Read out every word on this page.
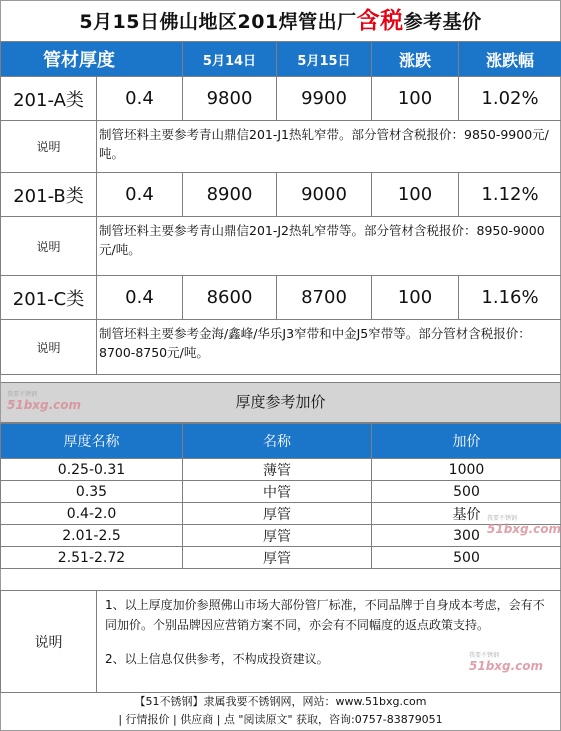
5月15日佛山地区201焊管出厂含税参考基价
管材厚度		5月14日	5月15日	涨跌	涨跌幅
201-A类	0.4	9800	9900	100	1.02%
说明	制管坯料主要参考青山鼎信201-J1热轧窄带。部分管材含税报价：9850-9900元/吨。				
201-B类	0.4	8900	9000	100	1.12%
说明	制管坯料主要参考青山鼎信201-J2热轧窄带等。部分管材含税报价：8950-9000元/吨。				
201-C类	0.4	8600	8700	100	1.16%
说明	制管坯料主要参考金海/鑫峰/华乐J3窄带和中金J5窄带等。部分管材含税报价：8700-8750元/吨。				
厚度参考加价
厚度名称	名称	加价
0.25-0.31	薄管	1000
0.35	中管	500
0.4-2.0	厚管	基价
2.01-2.5	厚管	300
2.51-2.72	厚管	500
说明	

1、以上厚度加价参照佛山市场大部份管厂标准，不同品牌于自身成本考虑，会有不同加价。个别品牌因应营销方案不同，亦会有不同幅度的返点政策支持。

2、以上信息仅供参考，不构成投资建议。

【51不锈钢】隶属我要不锈钢网，网站：www.51bxg.com
| 行情报价 | 供应商 | 点 "阅读原文" 获取，咨询:0757-83879051
我要不锈钢
51bxg.com
我要不锈钢
51bxg.com
我要不锈钢
51bxg.com
